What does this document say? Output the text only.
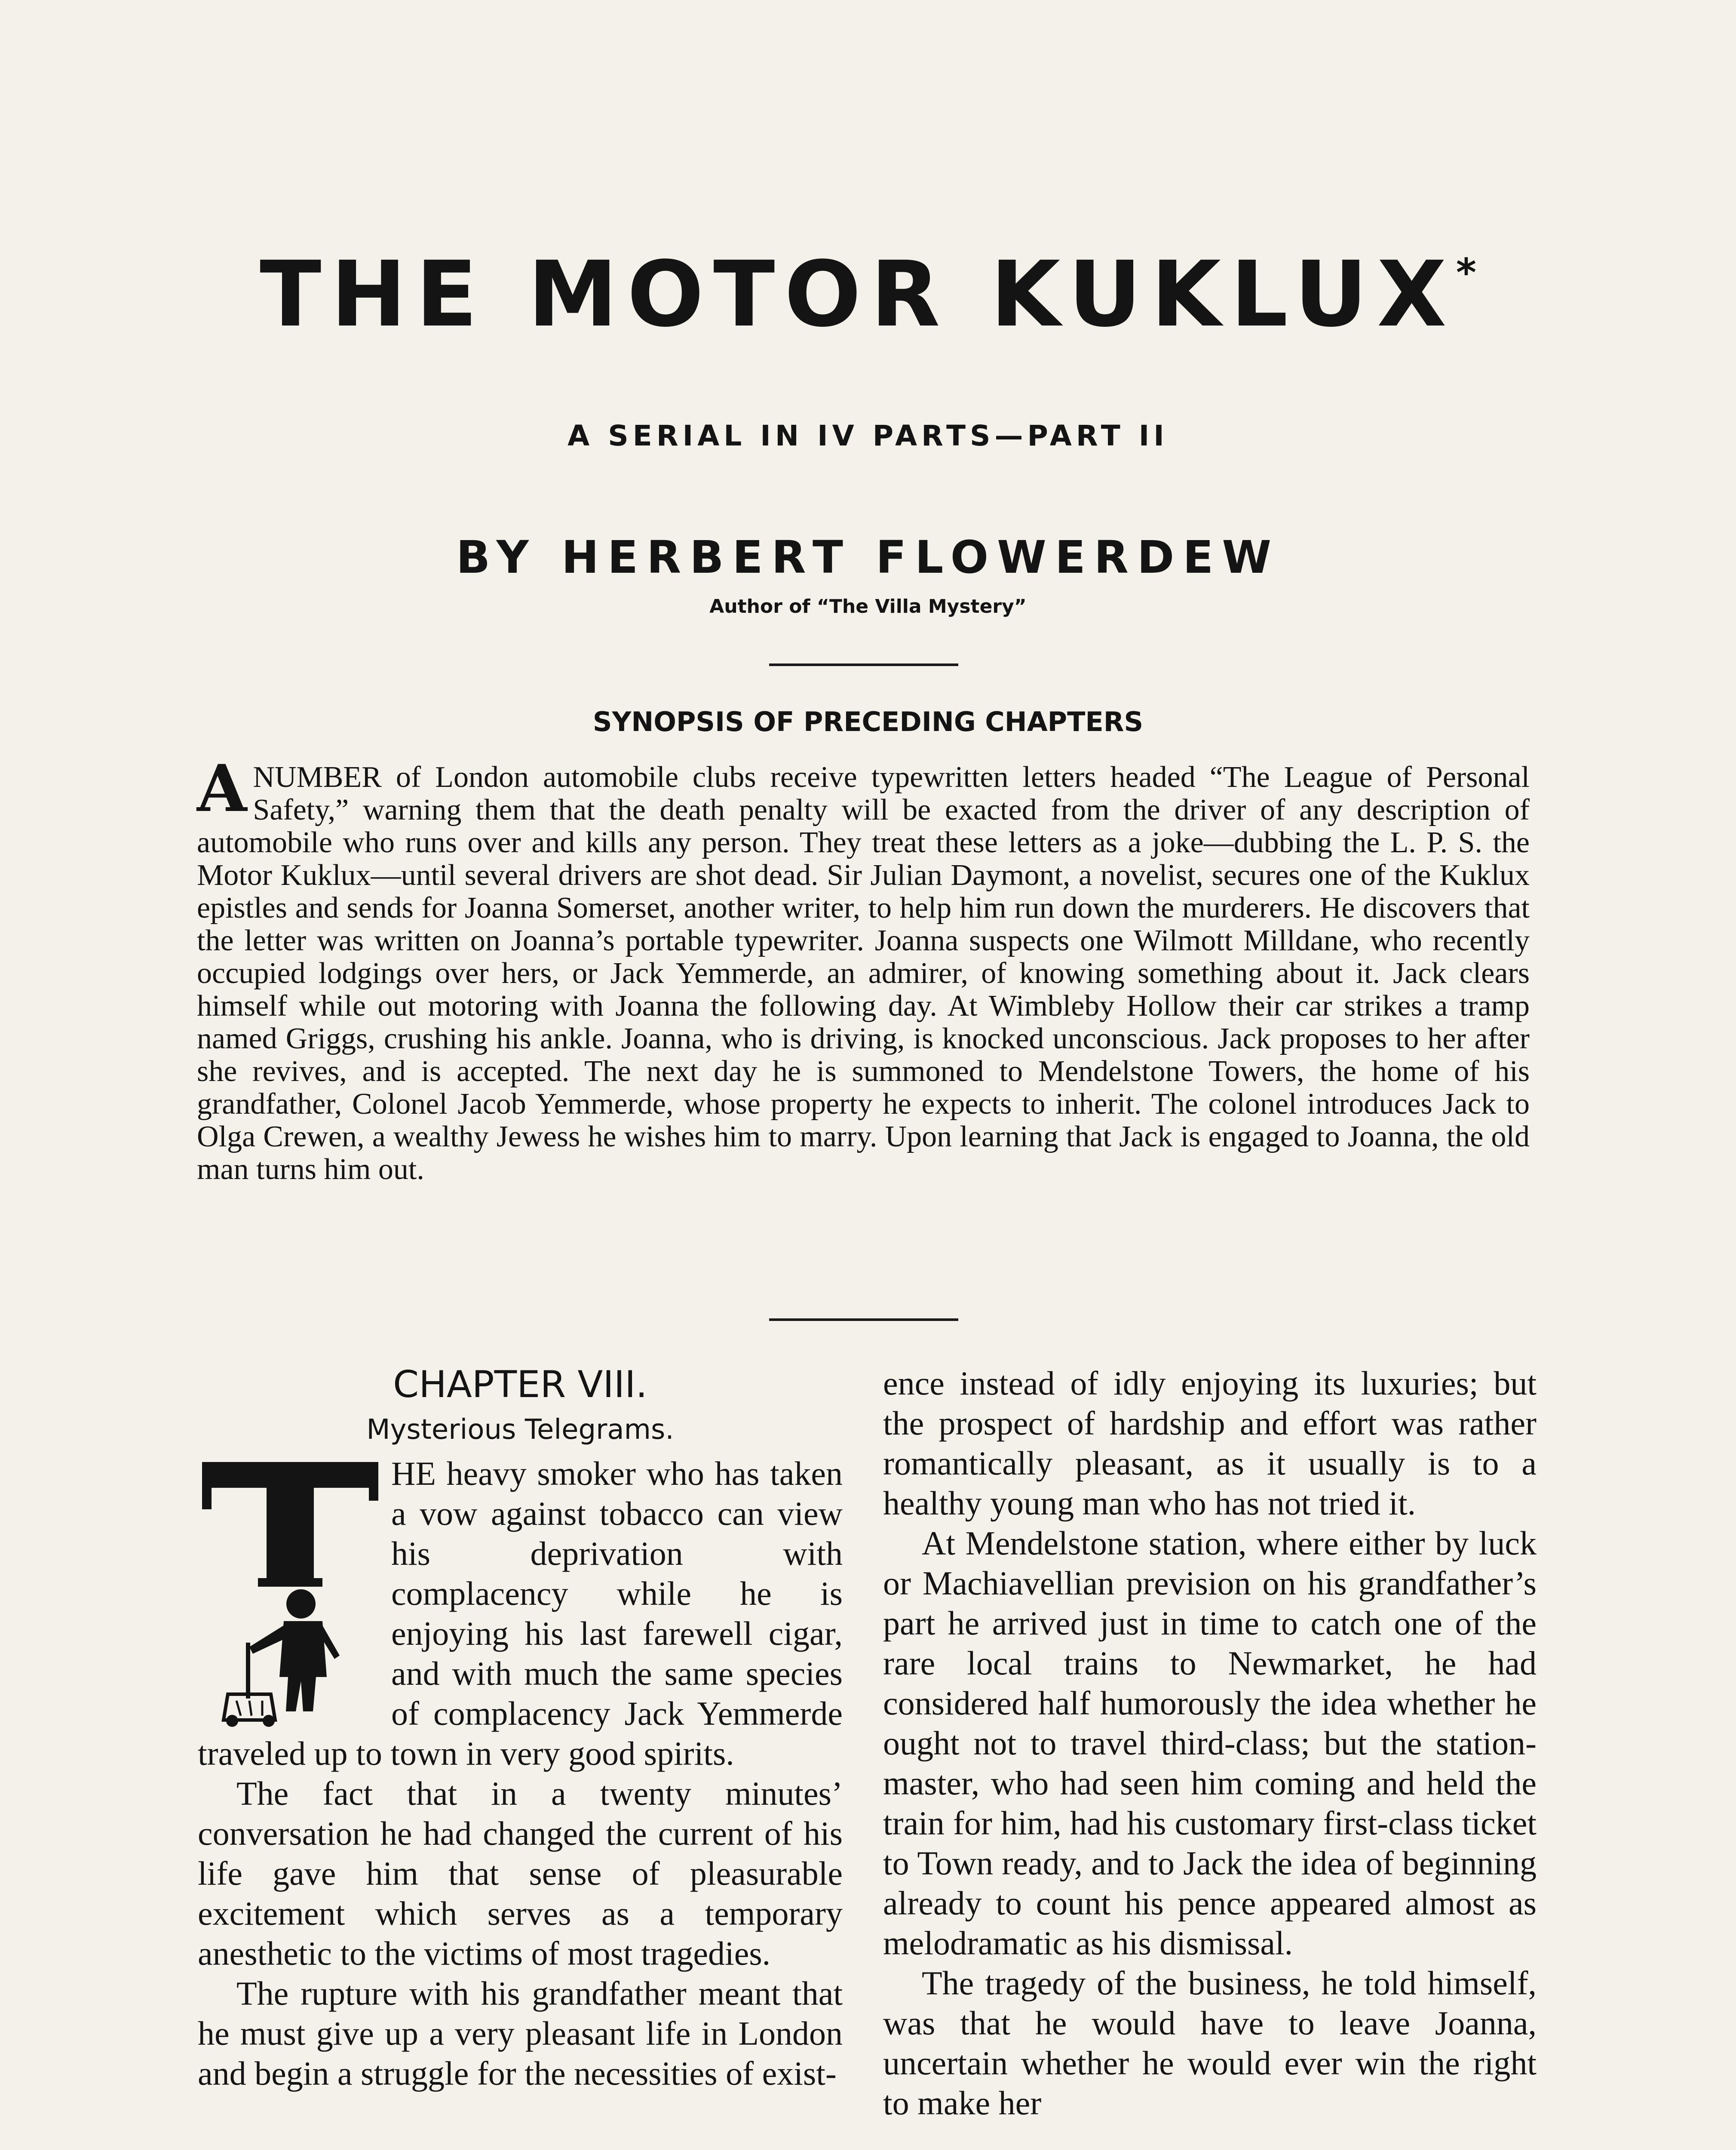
THE MOTOR KUKLUX*
A SERIAL IN IV PARTS—PART II
BY HERBERT FLOWERDEW
Author of “The Villa Mystery”
SYNOPSIS OF PRECEDING CHAPTERS
ANUMBER of London automobile clubs receive typewritten letters headed “The League of Personal Safety,” warning them that the death penalty will be exacted from the driver of any description of automobile who runs over and kills any person. They treat these letters as a joke—dubbing the L. P. S. the Motor Kuklux—until several drivers are shot dead. Sir Julian Daymont, a novelist, secures one of the Kuklux epistles and sends for Joanna Somerset, another writer, to help him run down the murderers. He discovers that the letter was written on Joanna’s portable typewriter. Joanna suspects one Wilmott Milldane, who recently occupied lodgings over hers, or Jack Yemmerde, an admirer, of knowing something about it. Jack clears himself while out motoring with Joanna the following day. At Wimbleby Hollow their car strikes a tramp named Griggs, crushing his ankle. Joanna, who is driving, is knocked unconscious. Jack proposes to her after she revives, and is accepted. The next day he is summoned to Mendelstone Towers, the home of his grandfather, Colonel Jacob Yemmerde, whose property he expects to inherit. The colonel introduces Jack to Olga Crewen, a wealthy Jewess he wishes him to marry. Upon learning that Jack is engaged to Joanna, the old man turns him out.

CHAPTER VIII.

Mysterious Telegrams.

HE heavy smoker who has taken a vow against tobacco can view his deprivation with complacency while he is enjoying his last farewell cigar, and with much the same species of complacency Jack Yemmerde traveled up to town in very good spirits.

The fact that in a twenty minutes’ conversation he had changed the current of his life gave him that sense of pleasurable excitement which serves as a temporary anesthetic to the victims of most tragedies.

The rupture with his grandfather meant that he must give up a very pleasant life in London and begin a struggle for the necessities of exist-

ence instead of idly enjoying its luxuries; but the prospect of hardship and effort was rather romantically pleasant, as it usually is to a healthy young man who has not tried it.

At Mendelstone station, where either by luck or Machiavellian prevision on his grandfather’s part he arrived just in time to catch one of the rare local trains to Newmarket, he had considered half humorously the idea whether he ought not to travel third-class; but the station-master, who had seen him coming and held the train for him, had his customary first-class ticket to Town ready, and to Jack the idea of beginning already to count his pence appeared almost as melodramatic as his dismissal.

The tragedy of the business, he told himself, was that he would have to leave Joanna, uncertain whether he would ever win the right to make her
